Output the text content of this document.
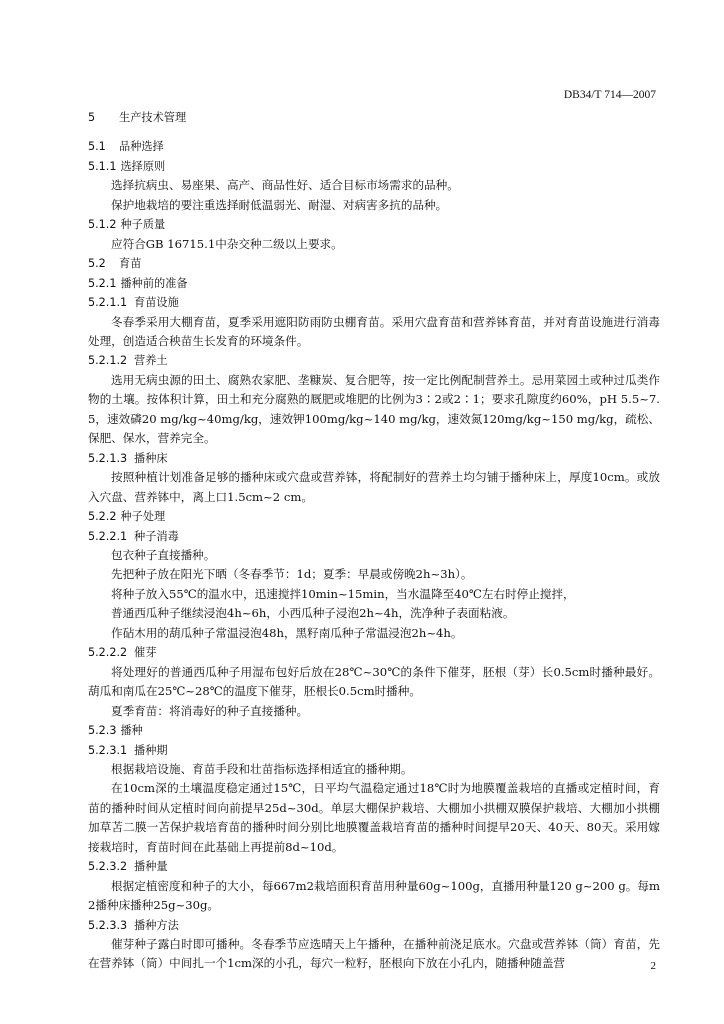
DB34/T 714—2007
5 生产技术管理
5.1 品种选择
5.1.1 选择原则
选择抗病虫、易座果、高产、商品性好、适合目标市场需求的品种。
保护地栽培的要注重选择耐低温弱光、耐湿、对病害多抗的品种。
5.1.2 种子质量
应符合GB 16715.1中杂交种二级以上要求。
5.2 育苗
5.2.1 播种前的准备
5.2.1.1 育苗设施
冬春季采用大棚育苗，夏季采用遮阳防雨防虫棚育苗。采用穴盘育苗和营养钵育苗，并对育苗设施进行消毒处理，创造适合秧苗生长发育的环境条件。
5.2.1.2 营养土
选用无病虫源的田土、腐熟农家肥、垄糠炭、复合肥等，按一定比例配制营养土。忌用菜园土或种过瓜类作物的土壤。按体积计算，田土和充分腐熟的厩肥或堆肥的比例为3∶2或2∶1；要求孔隙度约60%，pH 5.5~7.5，速效磷20 mg/kg~40mg/kg，速效钾100mg/kg~140 mg/kg，速效氮120mg/kg~150 mg/kg，疏松、保肥、保水，营养完全。
5.2.1.3 播种床
按照种植计划准备足够的播种床或穴盘或营养钵，将配制好的营养土均匀铺于播种床上，厚度10cm。或放入穴盘、营养钵中，离上口1.5cm~2 cm。
5.2.2 种子处理
5.2.2.1 种子消毒
包衣种子直接播种。
先把种子放在阳光下晒（冬春季节：1d；夏季：早晨或傍晚2h~3h）。
将种子放入55℃的温水中，迅速搅拌10min~15min，当水温降至40℃左右时停止搅拌，
普通西瓜种子继续浸泡4h~6h，小西瓜种子浸泡2h~4h，洗净种子表面粘液。
作砧木用的葫瓜种子常温浸泡48h，黑籽南瓜种子常温浸泡2h~4h。
5.2.2.2 催芽
将处理好的普通西瓜种子用湿布包好后放在28℃~30℃的条件下催芽，胚根（芽）长0.5cm时播种最好。葫瓜和南瓜在25℃~28℃的温度下催芽，胚根长0.5cm时播种。
夏季育苗：将消毒好的种子直接播种。
5.2.3 播种
5.2.3.1 播种期
根据栽培设施、育苗手段和壮苗指标选择相适宜的播种期。
在10cm深的土壤温度稳定通过15℃，日平均气温稳定通过18℃时为地膜覆盖栽培的直播或定植时间，育苗的播种时间从定植时间向前提早25d~30d。单层大棚保护栽培、大棚加小拱棚双膜保护栽培、大棚加小拱棚加草苫二膜一苫保护栽培育苗的播种时间分别比地膜覆盖栽培育苗的播种时间提早20天、40天、80天。采用嫁接栽培时，育苗时间在此基础上再提前8d~10d。
5.2.3.2 播种量
根据定植密度和种子的大小，每667m2栽培面积育苗用种量60g~100g，直播用种量120 g~200 g。每m2播种床播种25g~30g。
5.2.3.3 播种方法
催芽种子露白时即可播种。冬春季节应选晴天上午播种，在播种前浇足底水。穴盘或营养钵（筒）育苗，先在营养钵（筒）中间扎一个1cm深的小孔，每穴一粒籽，胚根向下放在小孔内，随播种随盖营	2
